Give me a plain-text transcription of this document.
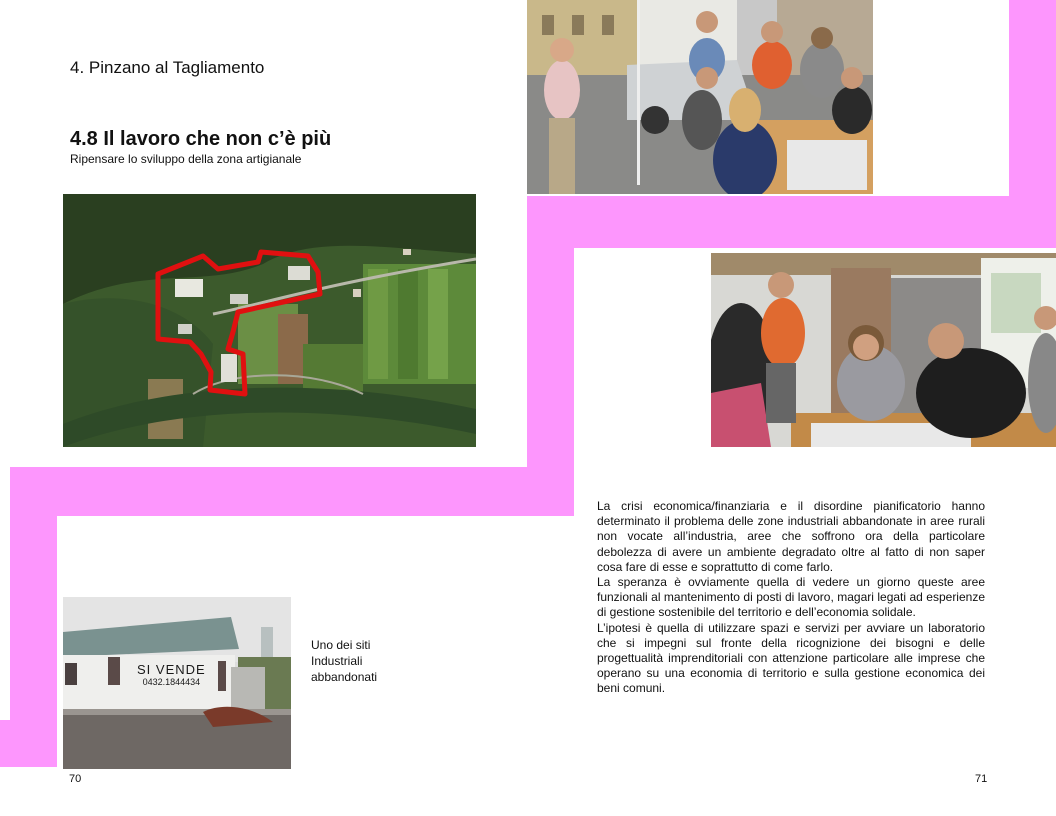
4. Pinzano al Tagliamento
4.8 Il lavoro che non c’è più
Ripensare lo sviluppo della zona artigianale
SI VENDE
0432.1844434
Uno dei siti
Industriali
abbandonati

La crisi economica/finanziaria e il disordine pianificatorio hanno determinato il problema delle zone industriali abbandonate in aree rurali non vocate all’industria, aree che soffrono ora della particolare debolezza di avere un ambiente degradato oltre al fatto di non saper cosa fare di esse e soprattutto di come farlo.

La speranza è ovviamente quella di vedere un giorno queste aree funzionali al mantenimento di posti di lavoro, magari legati ad esperienze di gestione sostenibile del territorio e dell’economia solidale.

L’ipotesi è quella di utilizzare spazi e servizi per avviare un laboratorio che si impegni sul fronte della ricognizione dei bisogni e delle progettualità imprenditoriali con attenzione particolare alle imprese che operano su una economia di territorio e sulla gestione economica dei beni comuni.

70	71
